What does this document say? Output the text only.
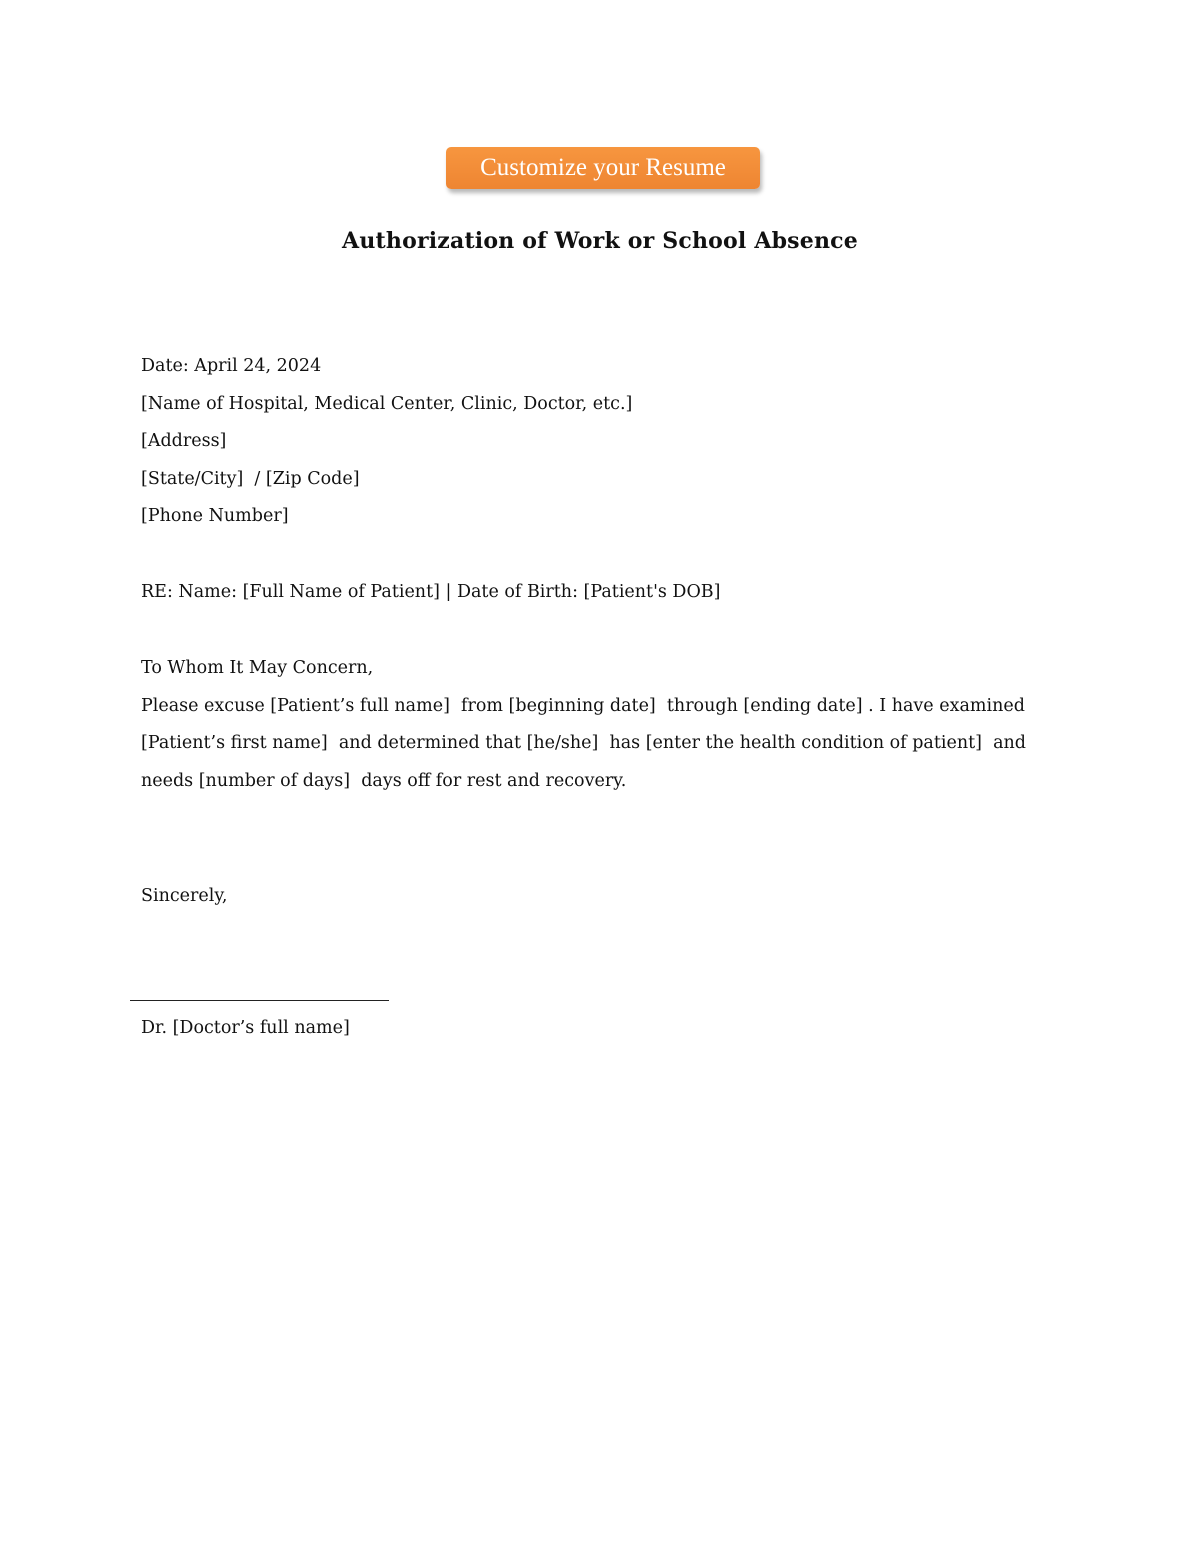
Customize your Resume
Authorization of Work or School Absence
Date: April 24, 2024
[Name of Hospital, Medical Center, Clinic, Doctor, etc.]
[Address]
[State/City]  / [Zip Code]
[Phone Number]
RE: Name: [Full Name of Patient] | Date of Birth: [Patient's DOB]
To Whom It May Concern,
Please excuse [Patient’s full name]  from [beginning date]  through [ending date] . I have examined
[Patient’s first name]  and determined that [he/she]  has [enter the health condition of patient]  and
needs [number of days]  days off for rest and recovery.
Sincerely,
Dr. [Doctor’s full name]
